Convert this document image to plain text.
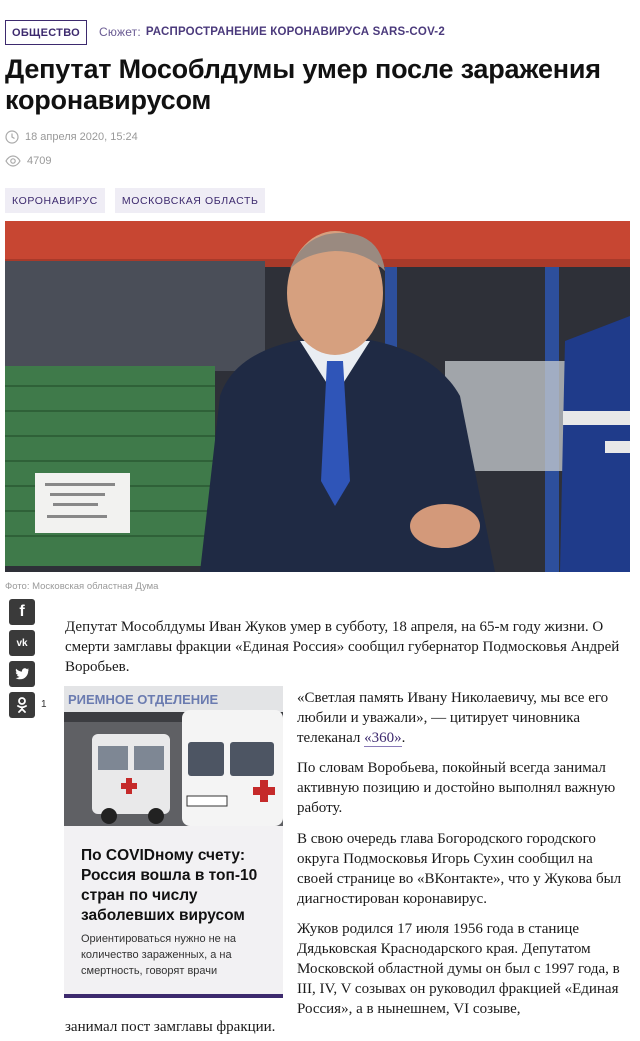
ОБЩЕСТВО	Сюжет: РАСПРОСТРАНЕНИЕ КОРОНАВИРУСА SARS-COV-2
Депутат Мособлдумы умер после заражения коронавирусом
18 апреля 2020, 15:24
4709
КОРОНАВИРУС	МОСКОВСКАЯ ОБЛАСТЬ
Фото: Московская областная Дума
f
vk
1

Депутат Мособлдумы Иван Жуков умер в субботу, 18 апреля, на 65-м году жизни. О смерти замглавы фракции «Единая Россия» сообщил губернатор Подмосковья Андрей Воробьев.

«Светлая память Ивану Николаевичу, мы все его любили и уважали», — цитирует чиновника телеканал «360».

По словам Воробьева, покойный всегда занимал активную позицию и достойно выполнял важную работу.

В свою очередь глава Богородского городского округа Подмосковья Игорь Сухин сообщил на своей странице во «ВКонтакте», что у Жукова был диагностирован коронавирус.

Жуков родился 17 июля 1956 года в станице Дядьковская Краснодарского края. Депутатом Московской областной думы он был с 1997 года, в III, IV, V созывах он руководил фракцией «Единая Россия», а в нынешнем, VI созыве,

занимал пост замглавы фракции.

РИЕМНОЕ ОТДЕЛЕНИЕ
По COVIDному счету: Россия вошла в топ-10 стран по числу заболевших вирусом
Ориентироваться нужно не на количество зараженных, а на смертность, говорят врачи
